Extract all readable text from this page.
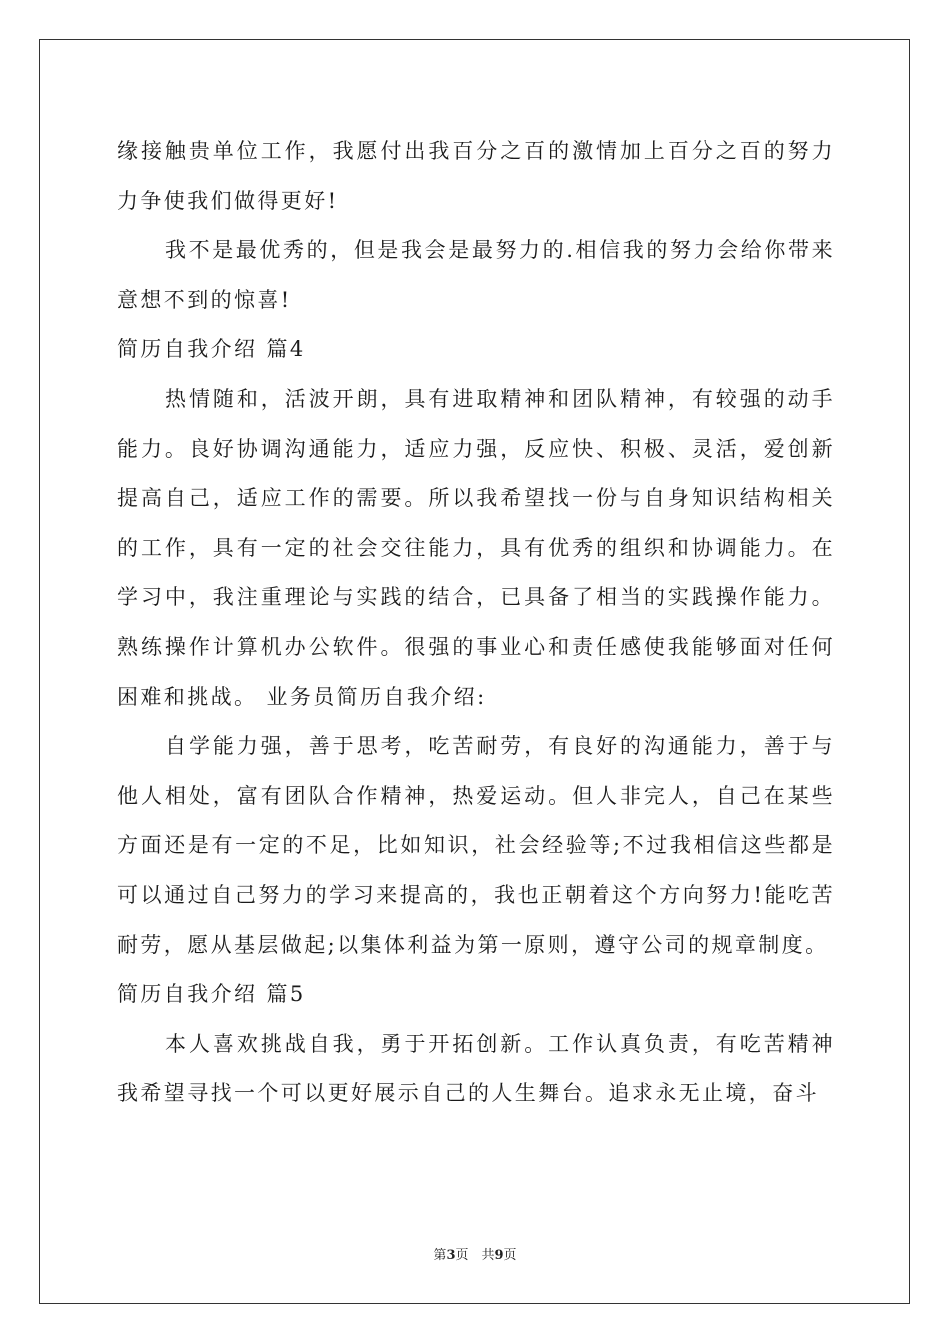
缘接触贵单位工作，我愿付出我百分之百的激情加上百分之百的努力力争使我们做得更好!

我不是最优秀的，但是我会是最努力的.相信我的努力会给你带来意想不到的惊喜!

简历自我介绍 篇4

热情随和，活波开朗，具有进取精神和团队精神，有较强的动手能力。良好协调沟通能力，适应力强，反应快、积极、灵活，爱创新提高自己，适应工作的需要。所以我希望找一份与自身知识结构相关的工作，具有一定的社会交往能力，具有优秀的组织和协调能力。在学习中，我注重理论与实践的结合，已具备了相当的实践操作能力。熟练操作计算机办公软件。很强的事业心和责任感使我能够面对任何困难和挑战。 业务员简历自我介绍:

自学能力强，善于思考，吃苦耐劳，有良好的沟通能力，善于与他人相处，富有团队合作精神，热爱运动。但人非完人，自己在某些方面还是有一定的不足，比如知识，社会经验等;不过我相信这些都是可以通过自己努力的学习来提高的，我也正朝着这个方向努力!能吃苦耐劳，愿从基层做起;以集体利益为第一原则，遵守公司的规章制度。

简历自我介绍 篇5

本人喜欢挑战自我，勇于开拓创新。工作认真负责，有吃苦精神我希望寻找一个可以更好展示自己的人生舞台。追求永无止境，奋斗

第3页　共9页
